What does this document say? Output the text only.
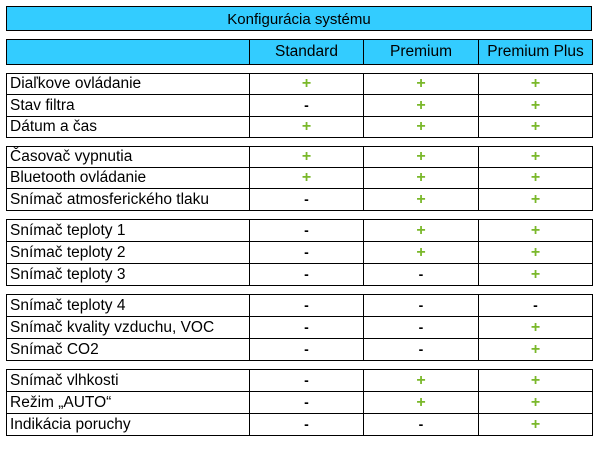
Konfigurácia systému
	Standard	Premium	Premium Plus

Diaľkove ovládanie	+	+	+
Stav filtra	-	+	+
Dátum a čas	+	+	+

Časovač vypnutia	+	+	+
Bluetooth ovládanie	+	+	+
Snímač atmosferického tlaku	-	+	+

Snímač teploty 1	-	+	+
Snímač teploty 2	-	+	+
Snímač teploty 3	-	-	+

Snímač teploty 4	-	-	-
Snímač kvality vzduchu, VOC	-	-	+
Snímač CO2	-	-	+

Snímač vlhkosti	-	+	+
Režim „AUTO“	-	+	+
Indikácia poruchy	-	-	+
